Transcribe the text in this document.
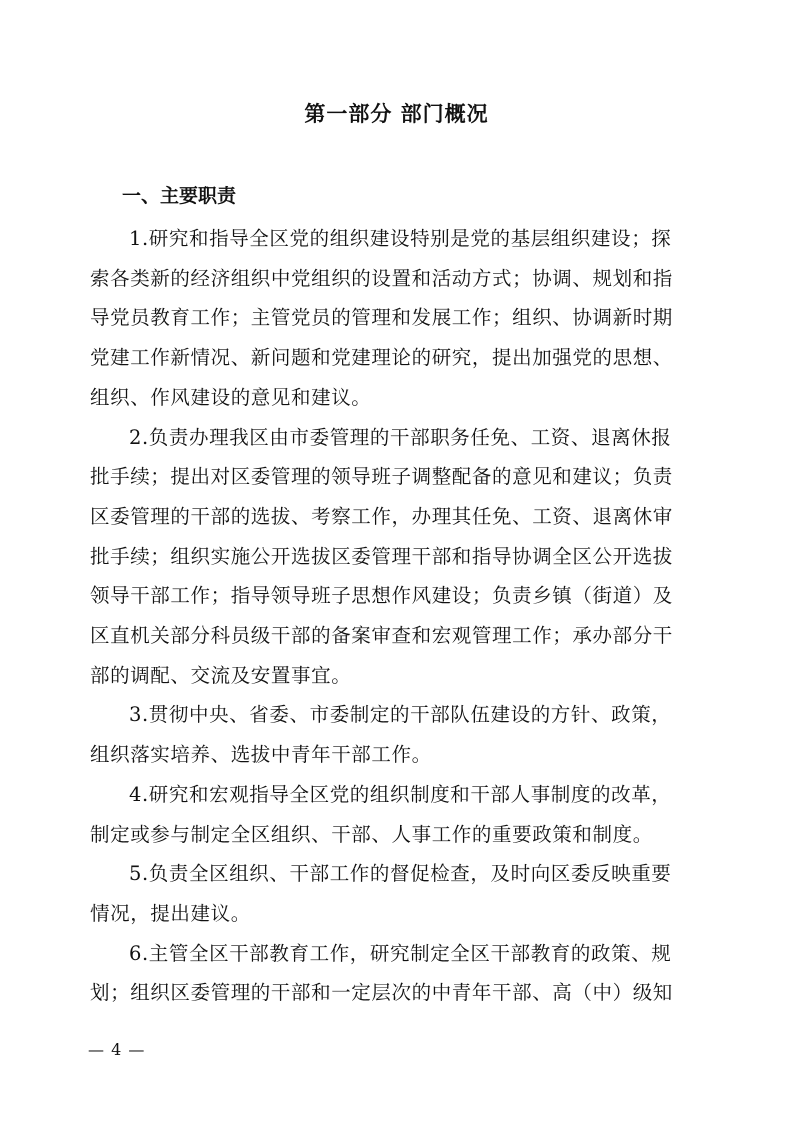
第一部分 部门概况
一、主要职责

1.研究和指导全区党的组织建设特别是党的基层组织建设；探
索各类新的经济组织中党组织的设置和活动方式；协调、规划和指
导党员教育工作；主管党员的管理和发展工作；组织、协调新时期
党建工作新情况、新问题和党建理论的研究，提出加强党的思想、
组织、作风建设的意见和建议。

2.负责办理我区由市委管理的干部职务任免、工资、退离休报
批手续；提出对区委管理的领导班子调整配备的意见和建议；负责
区委管理的干部的选拔、考察工作，办理其任免、工资、退离休审
批手续；组织实施公开选拔区委管理干部和指导协调全区公开选拔
领导干部工作；指导领导班子思想作风建设；负责乡镇（街道）及
区直机关部分科员级干部的备案审查和宏观管理工作；承办部分干
部的调配、交流及安置事宜。

3.贯彻中央、省委、市委制定的干部队伍建设的方针、政策，
组织落实培养、选拔中青年干部工作。

4.研究和宏观指导全区党的组织制度和干部人事制度的改革，
制定或参与制定全区组织、干部、人事工作的重要政策和制度。

5.负责全区组织、干部工作的督促检查，及时向区委反映重要
情况，提出建议。

6.主管全区干部教育工作，研究制定全区干部教育的政策、规
划；组织区委管理的干部和一定层次的中青年干部、高（中）级知

— 4 —
